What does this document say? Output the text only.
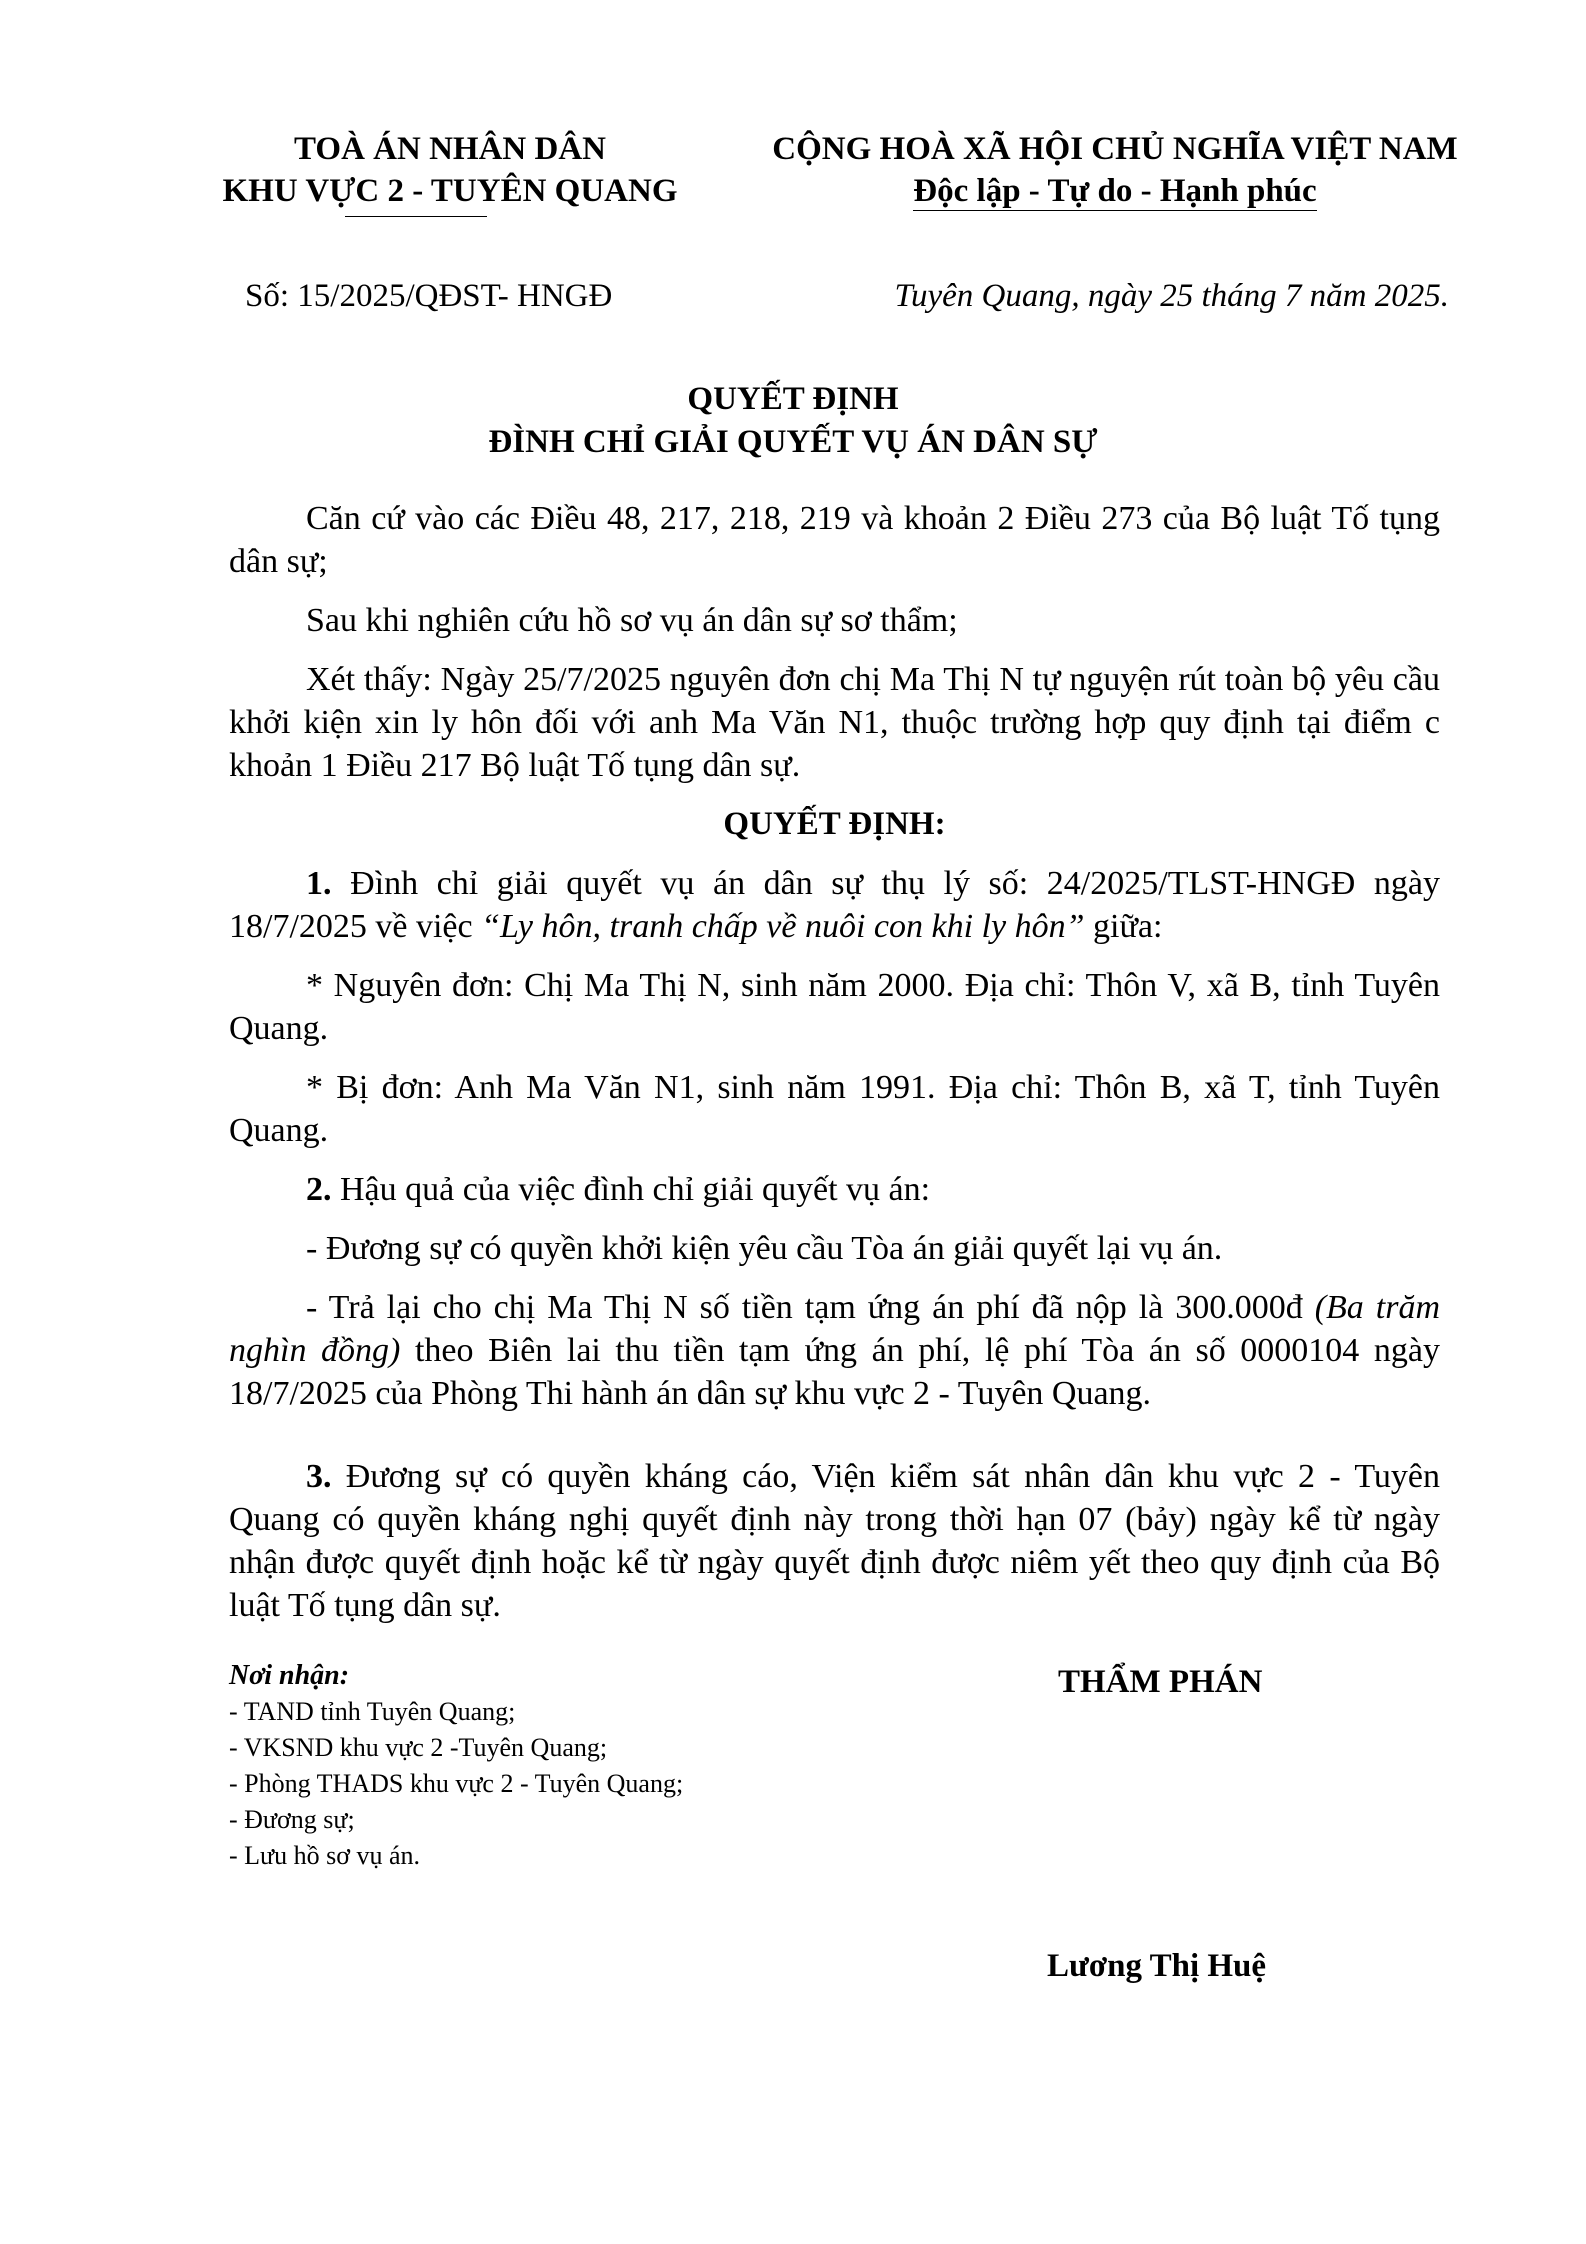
TOÀ ÁN NHÂN DÂN
KHU VỰC 2 - TUYÊN QUANG
CỘNG HOÀ XÃ HỘI CHỦ NGHĨA VIỆT NAM
Độc lập - Tự do - Hạnh phúc
Số: 15/2025/QĐST- HNGĐ	Tuyên Quang, ngày 25 tháng 7 năm 2025.
QUYẾT ĐỊNH
ĐÌNH CHỈ GIẢI QUYẾT VỤ ÁN DÂN SỰ

Căn cứ vào các Điều 48, 217, 218, 219 và khoản 2 Điều 273 của Bộ luật Tố tụng dân sự;

Sau khi nghiên cứu hồ sơ vụ án dân sự sơ thẩm;

Xét thấy: Ngày 25/7/2025 nguyên đơn chị Ma Thị N tự nguyện rút toàn bộ yêu cầu khởi kiện xin ly hôn đối với anh Ma Văn N1, thuộc trường hợp quy định tại điểm c khoản 1 Điều 217 Bộ luật Tố tụng dân sự.

QUYẾT ĐỊNH:

1. Đình chỉ giải quyết vụ án dân sự thụ lý số: 24/2025/TLST-HNGĐ ngày 18/7/2025 về việc “Ly hôn, tranh chấp về nuôi con khi ly hôn” giữa:

* Nguyên đơn: Chị Ma Thị N, sinh năm 2000. Địa chỉ: Thôn V, xã B, tỉnh Tuyên Quang.

* Bị đơn: Anh Ma Văn N1, sinh năm 1991. Địa chỉ: Thôn B, xã T, tỉnh Tuyên Quang.

2. Hậu quả của việc đình chỉ giải quyết vụ án:

- Đương sự có quyền khởi kiện yêu cầu Tòa án giải quyết lại vụ án.

- Trả lại cho chị Ma Thị N số tiền tạm ứng án phí đã nộp là 300.000đ (Ba trăm nghìn đồng) theo Biên lai thu tiền tạm ứng án phí, lệ phí Tòa án số 0000104 ngày 18/7/2025 của Phòng Thi hành án dân sự khu vực 2 - Tuyên Quang.

3. Đương sự có quyền kháng cáo, Viện kiểm sát nhân dân khu vực 2 - Tuyên Quang có quyền kháng nghị quyết định này trong thời hạn 07 (bảy) ngày kể từ ngày nhận được quyết định hoặc kể từ ngày quyết định được niêm yết theo quy định của Bộ luật Tố tụng dân sự.

Nơi nhận:
- TAND tỉnh Tuyên Quang;
- VKSND khu vực 2 -Tuyên Quang;
- Phòng THADS khu vực 2 - Tuyên Quang;
- Đương sự;
- Lưu hồ sơ vụ án.
THẨM PHÁN
Lương Thị Huệ
